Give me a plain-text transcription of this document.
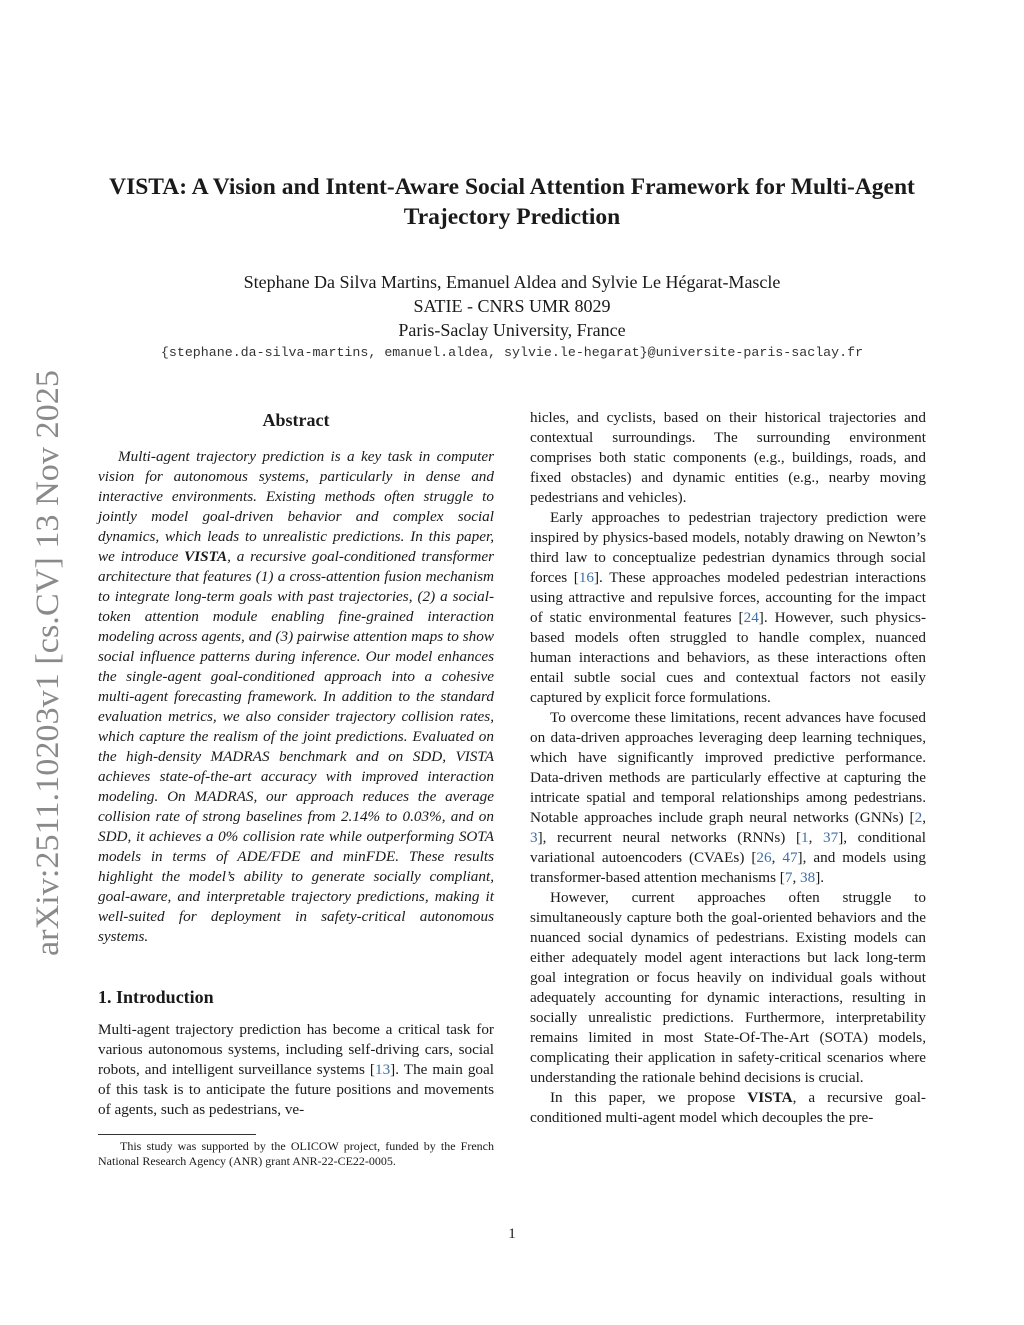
arXiv:2511.10203v1 [cs.CV] 13 Nov 2025
VISTA: A Vision and Intent-Aware Social Attention Framework for Multi-Agent
Trajectory Prediction
Stephane Da Silva Martins, Emanuel Aldea and Sylvie Le Hégarat-Mascle
SATIE - CNRS UMR 8029
Paris-Saclay University, France
{stephane.da-silva-martins, emanuel.aldea, sylvie.le-hegarat}@universite-paris-saclay.fr
Abstract

Multi-agent trajectory prediction is a key task in computer vision for autonomous systems, particularly in dense and interactive environments. Existing methods often struggle to jointly model goal-driven behavior and complex social dynamics, which leads to unrealistic predictions. In this paper, we introduce VISTA, a recursive goal-conditioned transformer architecture that features (1) a cross-attention fusion mechanism to integrate long-term goals with past trajectories, (2) a social-token attention module enabling fine-grained interaction modeling across agents, and (3) pairwise attention maps to show social influence patterns during inference. Our model enhances the single-agent goal-conditioned approach into a cohesive multi-agent forecasting framework. In addition to the standard evaluation metrics, we also consider trajectory collision rates, which capture the realism of the joint predictions. Evaluated on the high-density MADRAS benchmark and on SDD, VISTA achieves state-of-the-art accuracy with improved interaction modeling. On MADRAS, our approach reduces the average collision rate of strong baselines from 2.14% to 0.03%, and on SDD, it achieves a 0% collision rate while outperforming SOTA models in terms of ADE/FDE and minFDE. These results highlight the model’s ability to generate socially compliant, goal-aware, and interpretable trajectory predictions, making it well-suited for deployment in safety-critical autonomous systems.

1. Introduction

Multi-agent trajectory prediction has become a critical task for various autonomous systems, including self-driving cars, social robots, and intelligent surveillance systems [13]. The main goal of this task is to anticipate the future positions and movements of agents, such as pedestrians, ve-

This study was supported by the OLICOW project, funded by the French National Research Agency (ANR) grant ANR-22-CE22-0005.

hicles, and cyclists, based on their historical trajectories and contextual surroundings. The surrounding environment comprises both static components (e.g., buildings, roads, and fixed obstacles) and dynamic entities (e.g., nearby moving pedestrians and vehicles).

Early approaches to pedestrian trajectory prediction were inspired by physics-based models, notably drawing on Newton’s third law to conceptualize pedestrian dynamics through social forces [16]. These approaches modeled pedestrian interactions using attractive and repulsive forces, accounting for the impact of static environmental features [24]. However, such physics-based models often struggled to handle complex, nuanced human interactions and behaviors, as these interactions often entail subtle social cues and contextual factors not easily captured by explicit force formulations.

To overcome these limitations, recent advances have focused on data-driven approaches leveraging deep learning techniques, which have significantly improved predictive performance. Data-driven methods are particularly effective at capturing the intricate spatial and temporal relationships among pedestrians. Notable approaches include graph neural networks (GNNs) [2, 3], recurrent neural networks (RNNs) [1, 37], conditional variational autoencoders (CVAEs) [26, 47], and models using transformer-based attention mechanisms [7, 38].

However, current approaches often struggle to simultaneously capture both the goal-oriented behaviors and the nuanced social dynamics of pedestrians. Existing models can either adequately model agent interactions but lack long-term goal integration or focus heavily on individual goals without adequately accounting for dynamic interactions, resulting in socially unrealistic predictions. Furthermore, interpretability remains limited in most State-Of-The-Art (SOTA) models, complicating their application in safety-critical scenarios where understanding the rationale behind decisions is crucial.

In this paper, we propose VISTA, a recursive goal-conditioned multi-agent model which decouples the pre-

1
